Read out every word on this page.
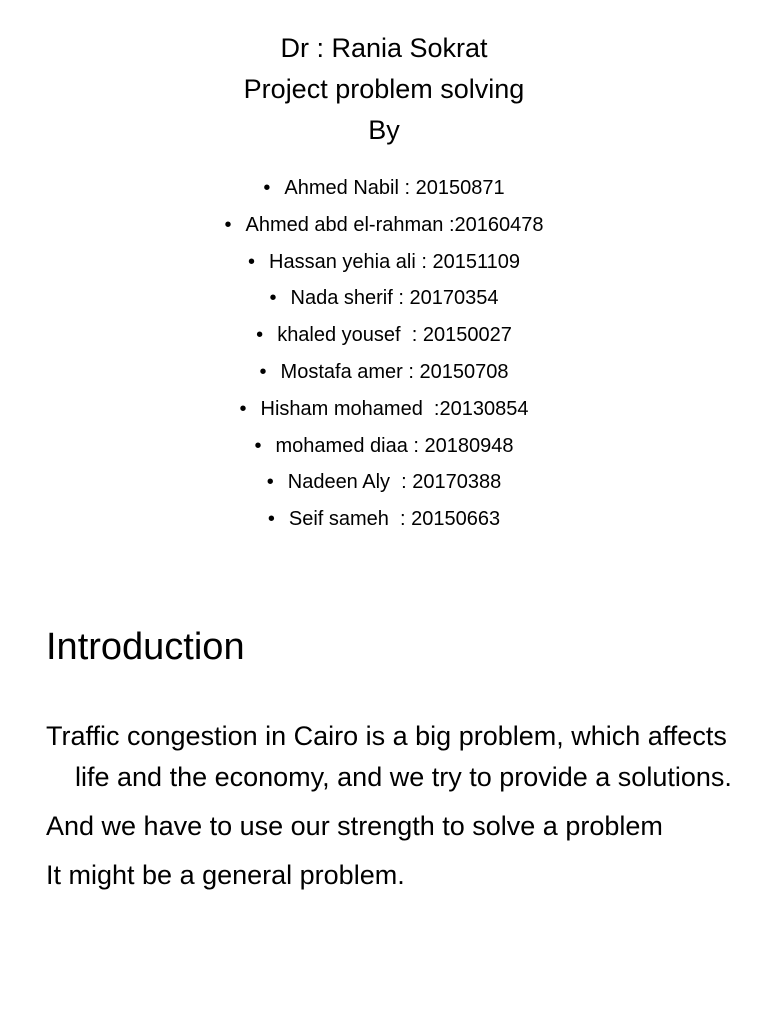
Dr : Rania Sokrat
Project problem solving
By
• Ahmed Nabil : 20150871
• Ahmed abd el-rahman :20160478
• Hassan yehia ali : 20151109
• Nada sherif : 20170354
• khaled yousef  : 20150027
• Mostafa amer : 20150708
• Hisham mohamed  :20130854
• mohamed diaa : 20180948
• Nadeen Aly  : 20170388
• Seif sameh  : 20150663
Introduction
Traffic congestion in Cairo is a big problem, which affects life and the economy, and we try to provide a solutions.
And we have to use our strength to solve a problem
It might be a general problem.
